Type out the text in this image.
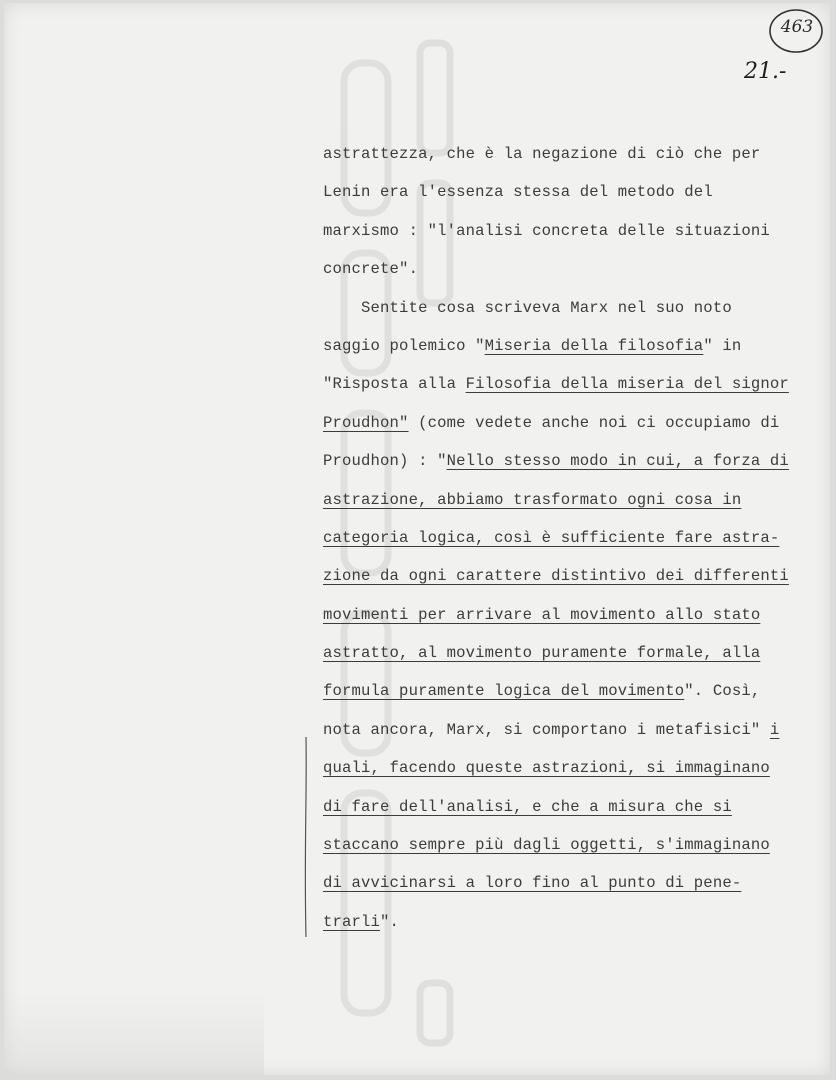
463
21.-
astrattezza, che è la negazione di ciò che per
Lenin era l'essenza stessa del metodo del
marxismo : "l'analisi concreta delle situazioni
concrete".
Sentite cosa scriveva Marx nel suo noto
saggio polemico "Miseria della filosofia" in
"Risposta alla Filosofia della miseria del signor
Proudhon" (come vedete anche noi ci occupiamo di
Proudhon) : "Nello stesso modo in cui, a forza di
astrazione, abbiamo trasformato ogni cosa in
categoria logica, così è sufficiente fare astra-
zione da ogni carattere distintivo dei differenti
movimenti per arrivare al movimento allo stato
astratto, al movimento puramente formale, alla
formula puramente logica del movimento". Così,
nota ancora, Marx, si comportano i metafisici" i
quali, facendo queste astrazioni, si immaginano
di fare dell'analisi, e che a misura che si
staccano sempre più dagli oggetti, s'immaginano
di avvicinarsi a loro fino al punto di pene-
trarli".
